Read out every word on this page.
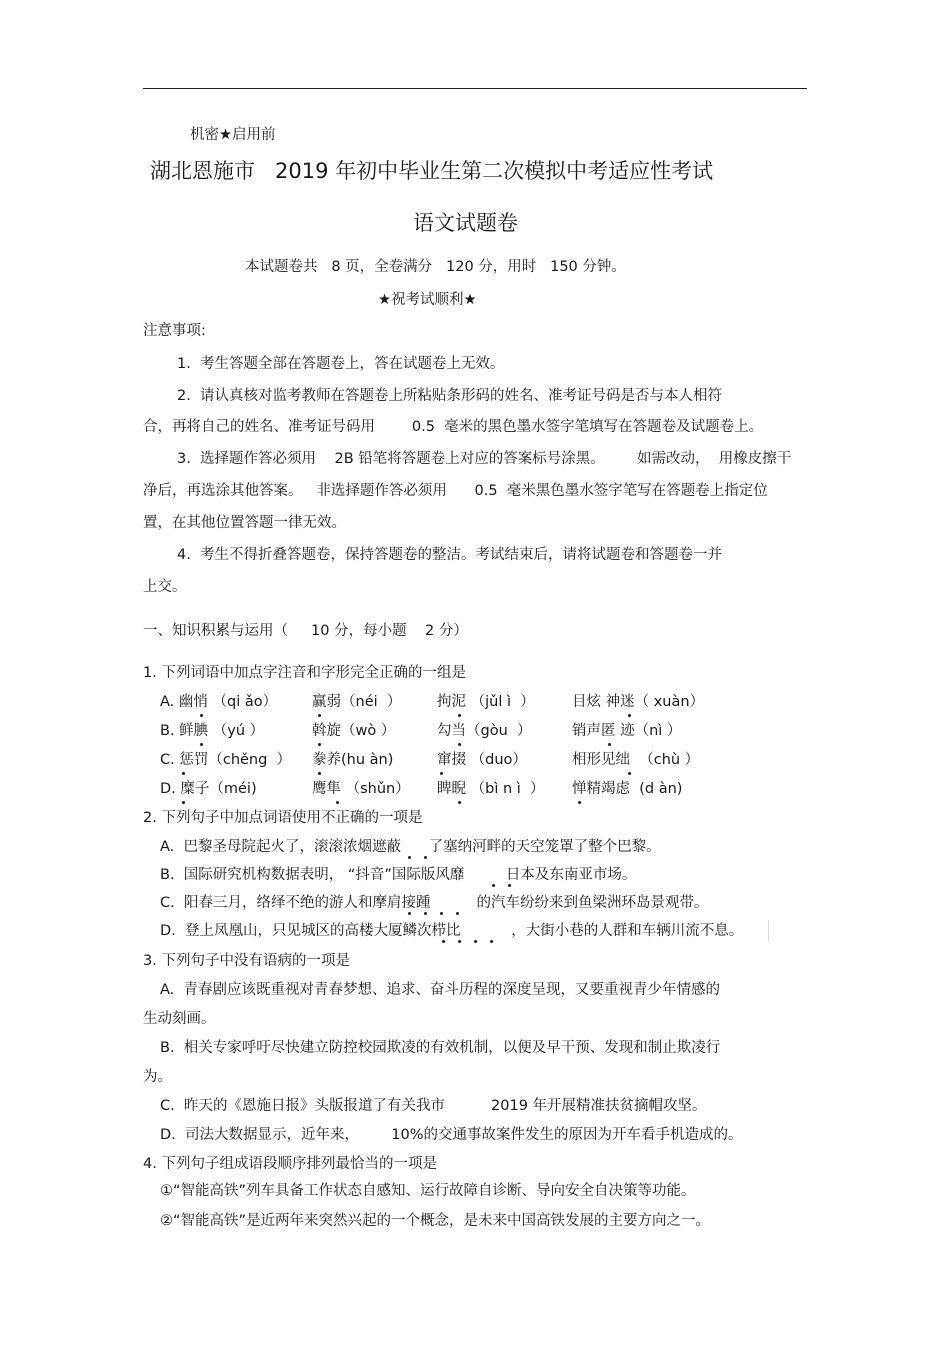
机密★启用前
湖北恩施市   2019 年初中毕业生第二次模拟中考适应性考试
语文试题卷
本试题卷共   8 页，全卷满分   120 分，用时   150 分钟。
★祝考试顺利★
注意事项:
1.  考生答题全部在答题卷上，答在试题卷上无效。
2.  请认真核对监考教师在答题卷上所粘贴条形码的姓名、准考证号码是否与本人相符
合，再将自己的姓名、准考证号码用        0.5  毫米的黑色墨水签字笔填写在答题卷及试题卷上。
3.  选择题作答必须用    2B 铅笔将答题卷上对应的答案标号涂黑。       如需改动，  用橡皮擦干
净后，再选涂其他答案。   非选择题作答必须用      0.5  毫米黑色墨水签字笔写在答题卷上指定位
置，在其他位置答题一律无效。
4.  考生不得折叠答题卷，保持答题卷的整洁。考试结束后，请将试题卷和答题卷一并
上交。
一、知识积累与运用（     10 分，每小题    2 分）
1. 下列词语中加点字注音和字形完全正确的一组是
A. 幽悄 （qi ǎo） 赢弱（néi  ） 拘泥 （jǔl ì  ）	目炫 神迷（ xuàn）
B. 鲜腆 （yú ）	斡旋（wò ）	勾当（gòu  ）	销声匿 迹（nì ）
C. 惩罚（chěng  ） 豢养(hu àn)	窜掇 （duo）	相形见绌  （chù ）
D. 糜子（méi)	鹰隼 （shǔn） 睥睨 （bì n ì  ） 惮精竭虑  (d àn)
2. 下列句子中加点词语使用不正确的一项是
A.  巴黎圣母院起火了，滚滚浓烟遮蔽      了塞纳河畔的天空笼罩了整个巴黎。
B.  国际研究机构数据表明， “抖音”国际版风靡         日本及东南亚市场。
C.  阳春三月，络绎不绝的游人和摩肩接踵          的汽车纷纷来到鱼梁洲环岛景观带。
D.  登上凤凰山，只见城区的高楼大厦鳞次栉比           ，大街小巷的人群和车辆川流不息。
3. 下列句子中没有语病的一项是
A.  青春剧应该既重视对青春梦想、追求、奋斗历程的深度呈现，又要重视青少年情感的
生动刻画。
B.  相关专家呼吁尽快建立防控校园欺凌的有效机制，以便及早干预、发现和制止欺凌行
为。
C.  昨天的《恩施日报》头版报道了有关我市          2019 年开展精准扶贫摘帽攻坚。
D.  司法大数据显示，近年来，       10%的交通事故案件发生的原因为开车看手机造成的。
4. 下列句子组成语段顺序排列最恰当的一项是
①“智能高铁”列车具备工作状态自感知、运行故障自诊断、导向安全自决策等功能。
②“智能高铁”是近两年来突然兴起的一个概念，是未来中国高铁发展的主要方向之一。
